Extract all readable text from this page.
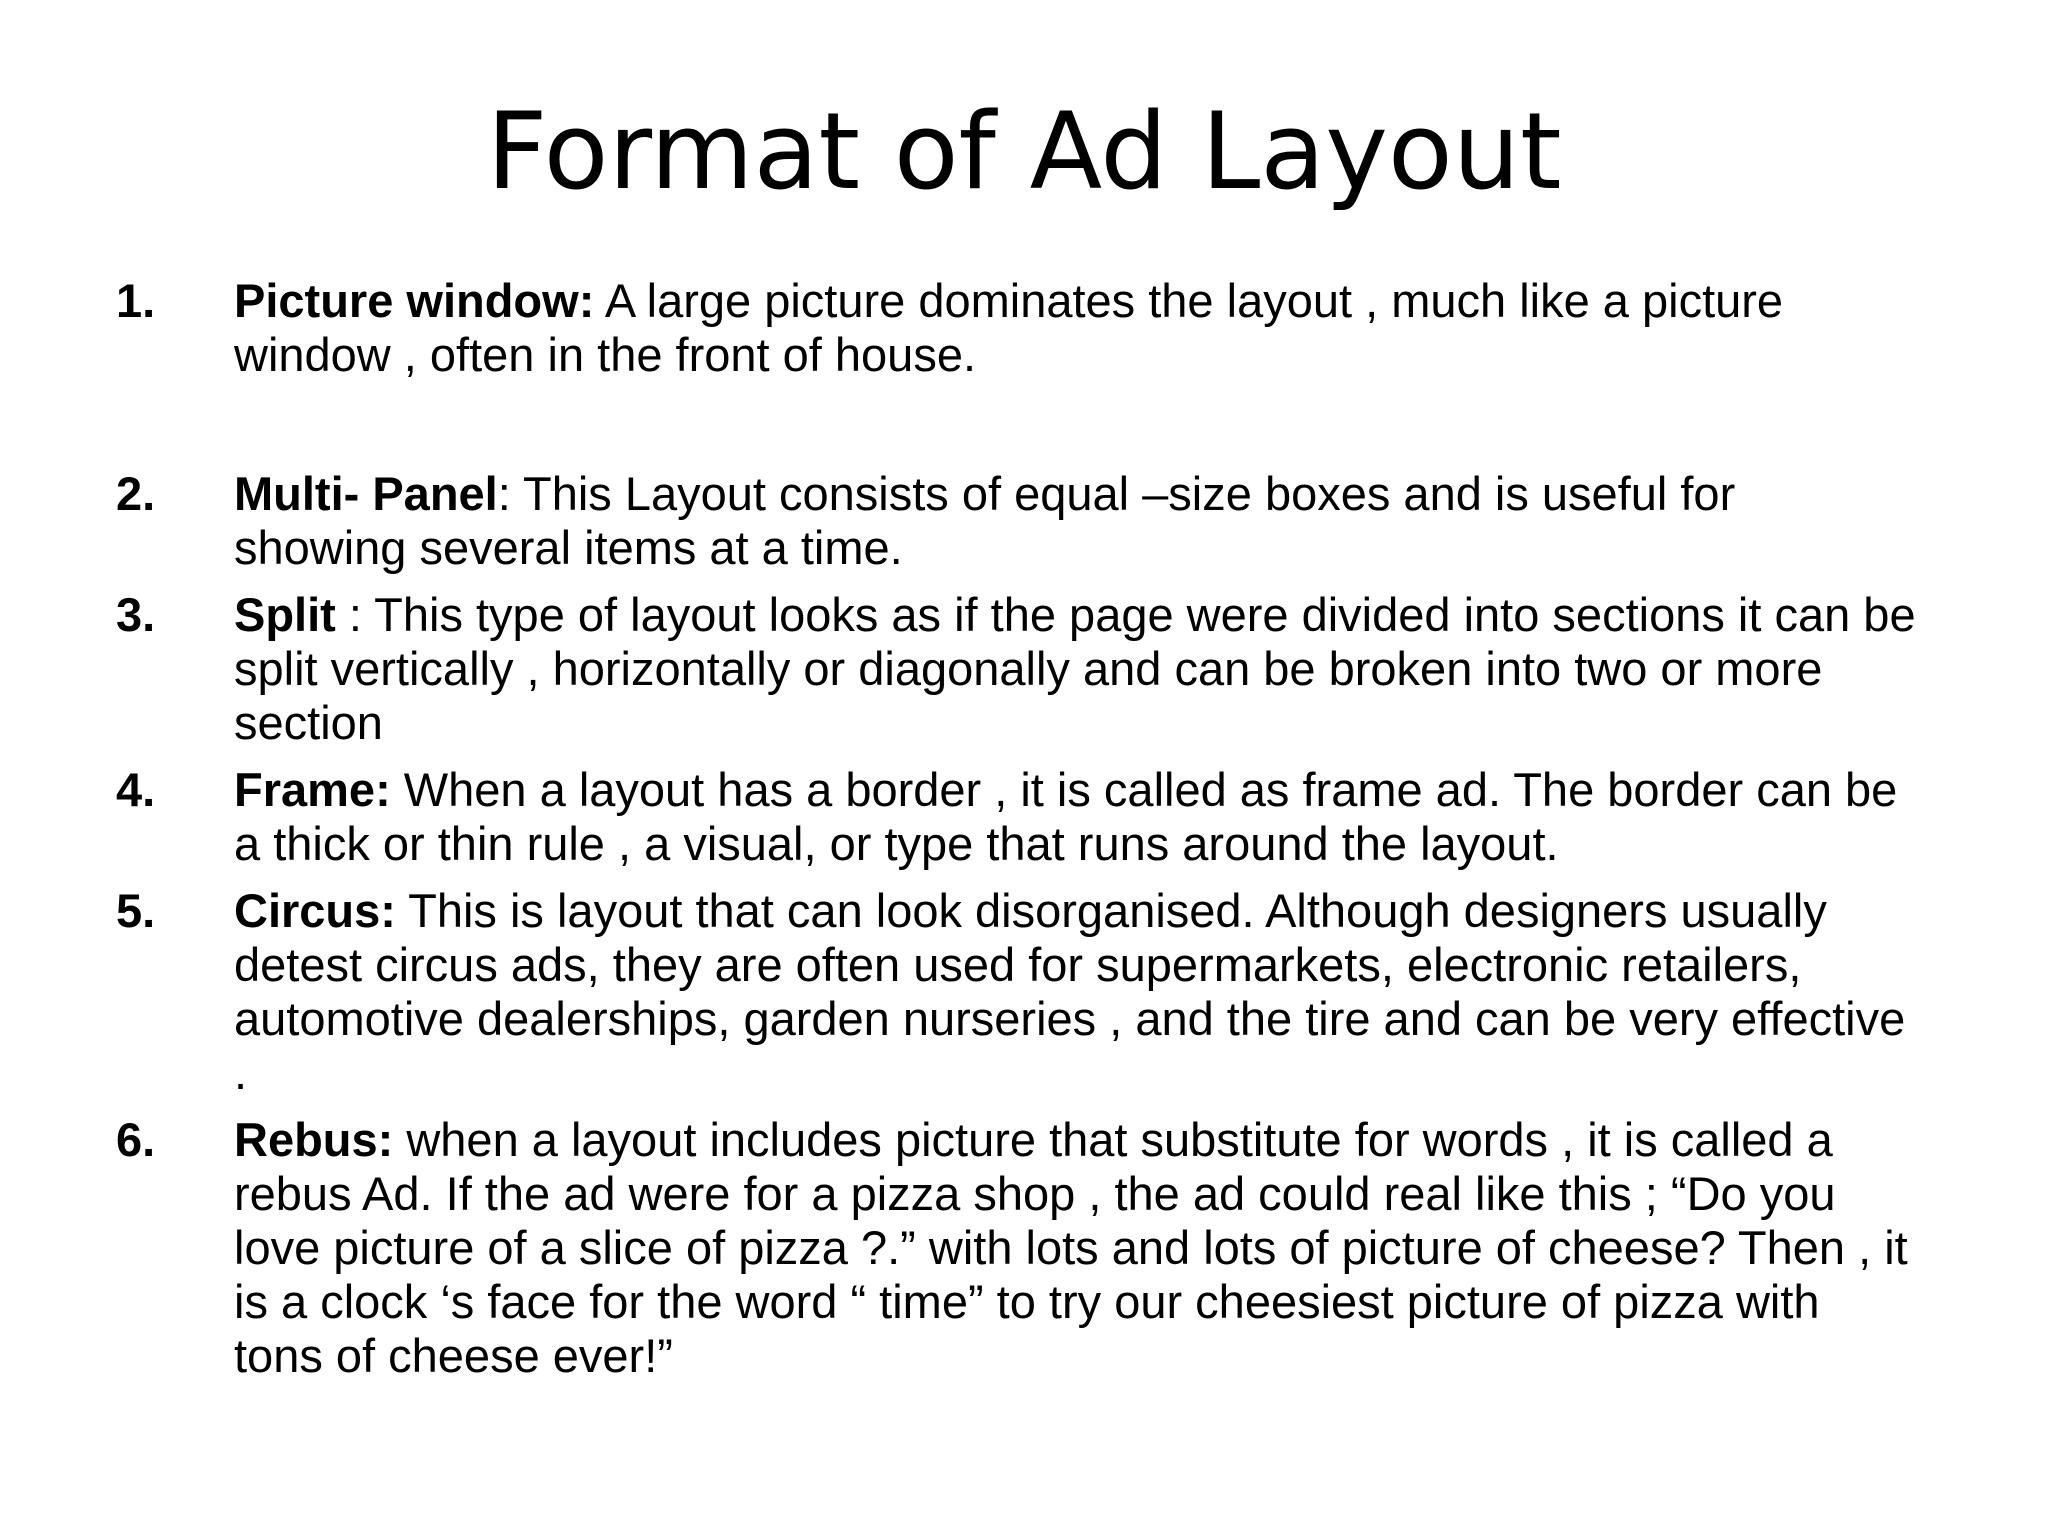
Format of Ad Layout
1. Picture window: A large picture dominates the layout , much like a picture window , often in the front of house.
2. Multi- Panel: This Layout consists of equal –size boxes and is useful for showing several items at a time.
3. Split : This type of layout looks as if the page were divided into sections it can be split vertically , horizontally or diagonally and can be broken into two or more section
4. Frame: When a layout has a border , it is called as frame ad. The border can be a thick or thin rule , a visual, or type that runs around the layout.
5. Circus: This is layout that can look disorganised. Although designers usually detest circus ads, they are often used for supermarkets, electronic retailers, automotive dealerships, garden nurseries , and the tire and can be very effective .
6. Rebus: when a layout includes picture that substitute for words , it is called a rebus Ad. If the ad were for a pizza shop , the ad could real like this ; “Do you love picture of a slice of pizza ?.” with lots and lots of picture of cheese? Then , it is a clock ‘s face for the word “ time” to try our cheesiest picture of pizza with tons of cheese ever!”
